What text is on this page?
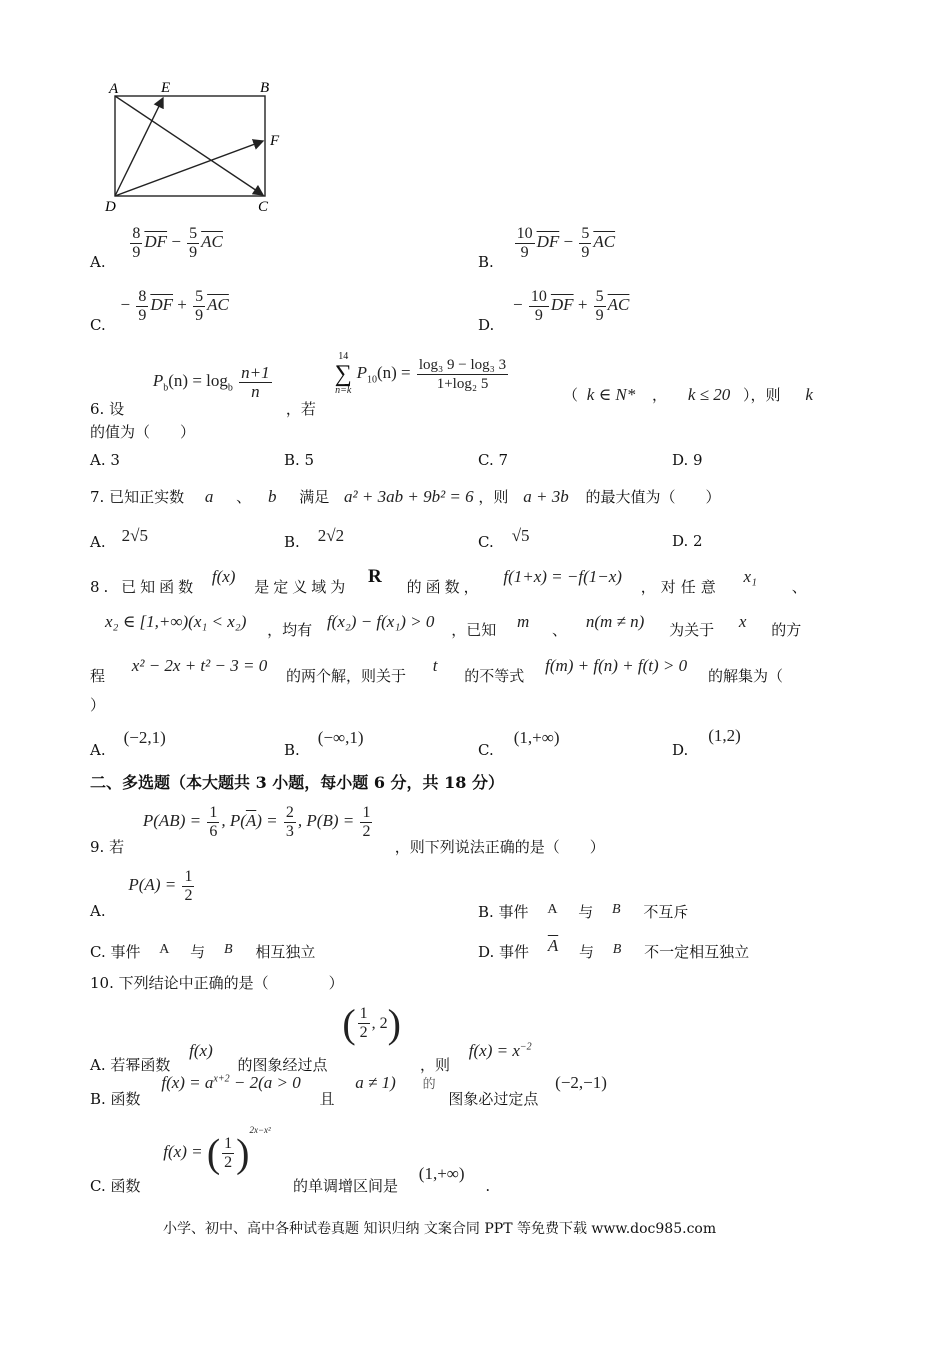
A	E	B
F
D	C
A.
$\frac{8}{9} \overline{DF} - \frac{5}{9} \overline{AC}$
B.
$\frac{10}{9} \overline{DF} - \frac{5}{9} \overline{AC}$
C. − $\frac{8}{9} \overline{DF} + \frac{5}{9} \overline{AC}$
D. − $\frac{10}{9} \overline{DF} + \frac{5}{9} \overline{AC}$
6. 设 $P_b(n) = \log_b \frac{n+1}{n}$
，若
14
∑
n=k
$P_{10}(n) = \frac{\text{log₃ 9 − log₃ 3}}{\text{1+log₂ 5}}$
（ k ∈ N* ， k ≤ 20 ），则 k
的值为（　　）
A. 3	B. 5	C. 7	D. 9
7. 已知正实数 a 、 b 满足 a² + 3ab + 9b² = 6 ，则 a + 3b 的最大值为（　　）
A. 2√5	B. 2√2	C. √5	D. 2
8. 已知函数 f(x) 是定义域为 R 的函数， f(1+x) = −f(1−x) ，对任意 x₁ 、
x₂ ∈ [1,+∞)(x₁ < x₂) ，均有 f(x₂) − f(x₁) > 0 ，已知 m 、 n(m ≠ n) 为关于 x 的方
程 x² − 2x + t² − 3 = 0 的两个解，则关于 t 的不等式 f(m) + f(n) + f(t) > 0 的解集为（
）
A.(−2,1)
B.(−∞,1)
C.(1,+∞)
D.(1,2)
二、多选题（本大题共 3 小题，每小题 6 分，共 18 分）
9. 若 $P(AB) = \frac{1}{6}$ , $P(\overline{A}) = \frac{2}{3}$ , $P(B) = \frac{1}{2}$
，则下列说法正确的是（　　）
A. $P(A) = \frac{1}{2}$
B. 事件 A 与 B 不互斥
C. 事件 A 与 B 相互独立	D. 事件 $\overline{A}$ 与 B 不一定相互独立
10. 下列结论中正确的是（　　　　）
A. 若幂函数 f(x) 的图象经过点 ( $\frac{1}{2}$ , 2) ，则 $f(x) = x^{-2}$
B. 函数 $f(x) = a^{x+2} - 2(a > 0$ 且 a ≠ 1) 的 图象必过定点 (−2,−1)
C. 函数 f(x) = ( $\frac{1}{2} )^{2x-x^2}$ 的单调增区间是 (1,+∞) .
小学、初中、高中各种试卷真题 知识归纳 文案合同 PPT 等免费下载 www.doc985.com
